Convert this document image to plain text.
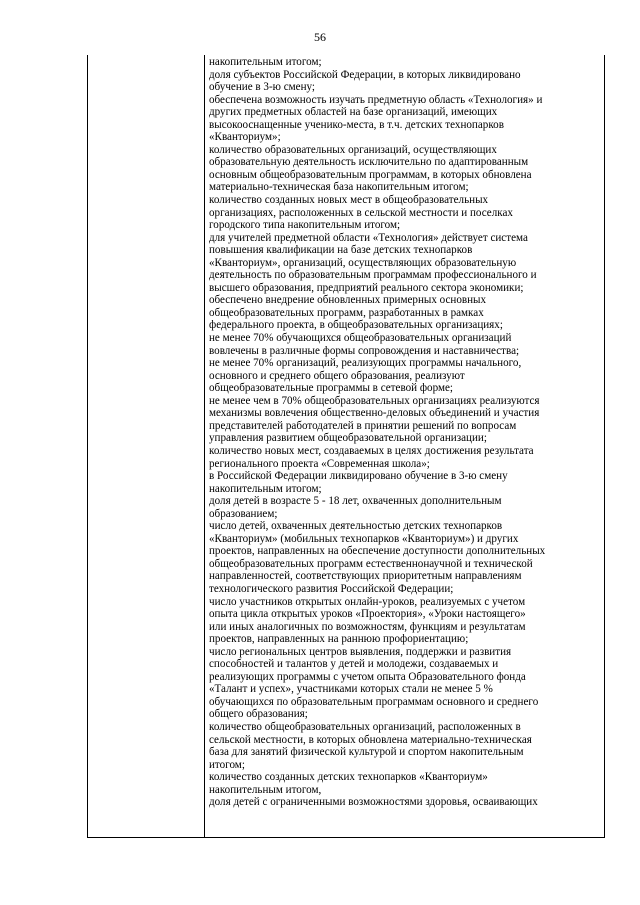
56
накопительным итогом;
доля субъектов Российской Федерации, в которых ликвидировано
обучение в 3-ю смену;
обеспечена возможность изучать предметную область «Технология» и
других предметных областей на базе организаций, имеющих
высокооснащенные ученико-места, в т.ч. детских технопарков
«Кванториум»;
количество образовательных организаций, осуществляющих
образовательную деятельность исключительно по адаптированным
основным общеобразовательным программам, в которых обновлена
материально-техническая база накопительным итогом;
количество созданных новых мест в общеобразовательных
организациях, расположенных в сельской местности и поселках
городского типа накопительным итогом;
для учителей предметной области «Технология» действует система
повышения квалификации на базе детских технопарков
«Кванториум», организаций, осуществляющих образовательную
деятельность по образовательным программам профессионального и
высшего образования, предприятий реального сектора экономики;
обеспечено внедрение обновленных примерных основных
общеобразовательных программ, разработанных в рамках
федерального проекта, в общеобразовательных организациях;
не менее 70% обучающихся общеобразовательных организаций
вовлечены в различные формы сопровождения и наставничества;
не менее 70% организаций, реализующих программы начального,
основного и среднего общего образования, реализуют
общеобразовательные программы в сетевой форме;
не менее чем в 70% общеобразовательных организациях реализуются
механизмы вовлечения общественно-деловых объединений и участия
представителей работодателей в принятии решений по вопросам
управления развитием общеобразовательной организации;
количество новых мест, создаваемых в целях достижения результата
регионального проекта «Современная школа»;
в Российской Федерации ликвидировано обучение в 3-ю смену
накопительным итогом;
доля детей в возрасте 5 - 18 лет, охваченных дополнительным
образованием;
число детей, охваченных деятельностью детских технопарков
«Кванториум» (мобильных технопарков «Кванториум») и других
проектов, направленных на обеспечение доступности дополнительных
общеобразовательных программ естественнонаучной и технической
направленностей, соответствующих приоритетным направлениям
технологического развития Российской Федерации;
число участников открытых онлайн-уроков, реализуемых с учетом
опыта цикла открытых уроков «Проектория», «Уроки настоящего»
или иных аналогичных по возможностям, функциям и результатам
проектов, направленных на раннюю профориентацию;
число региональных центров выявления, поддержки и развития
способностей и талантов у детей и молодежи, создаваемых и
реализующих программы с учетом опыта Образовательного фонда
«Талант и успех», участниками которых стали не менее 5 %
обучающихся по образовательным программам основного и среднего
общего образования;
количество общеобразовательных организаций, расположенных в
сельской местности, в которых обновлена материально-техническая
база для занятий физической культурой и спортом накопительным
итогом;
количество созданных детских технопарков «Кванториум»
накопительным итогом,
доля детей с ограниченными возможностями здоровья, осваивающих
